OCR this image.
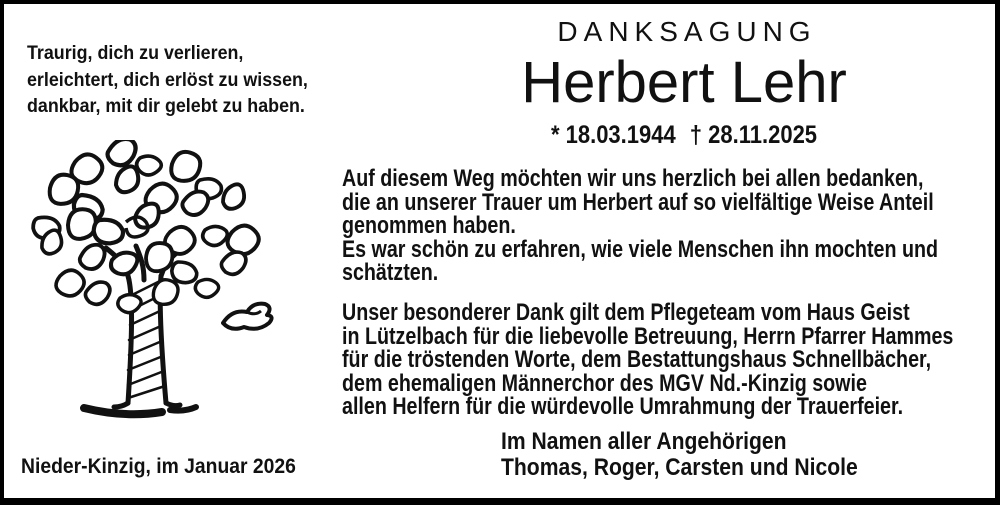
Traurig, dich zu verlieren,
erleichtert, dich erlöst zu wissen,
dankbar, mit dir gelebt zu haben.
DANKSAGUNG
Herbert Lehr
* 18.03.1944 † 28.11.2025
Auf diesem Weg möchten wir uns herzlich bei allen bedanken,
die an unserer Trauer um Herbert auf so vielfältige Weise Anteil
genommen haben.
Es war schön zu erfahren, wie viele Menschen ihn mochten und
schätzten.
Unser besonderer Dank gilt dem Pflegeteam vom Haus Geist
in Lützelbach für die liebevolle Betreuung, Herrn Pfarrer Hammes
für die tröstenden Worte, dem Bestattungshaus Schnellbächer,
dem ehemaligen Männerchor des MGV Nd.-Kinzig sowie
allen Helfern für die würdevolle Umrahmung der Trauerfeier.
Im Namen aller Angehörigen
Thomas, Roger, Carsten und Nicole
Nieder-Kinzig, im Januar 2026
